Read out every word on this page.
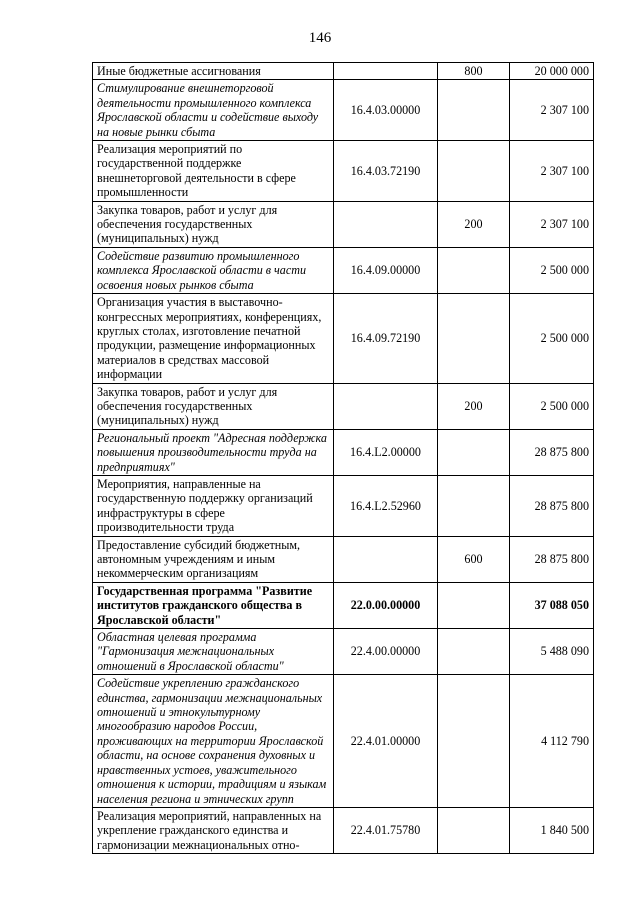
146
Иные бюджетные ассигнования		800	20 000 000
Стимулирование внешнеторговой деятельности промышленного комплекса Ярославской области и содействие выходу на новые рынки сбыта	16.4.03.00000		2 307 100
Реализация мероприятий по государственной поддержке внешнеторговой деятельности в сфере промышленности	16.4.03.72190		2 307 100
Закупка товаров, работ и услуг для обеспечения государственных (муниципальных) нужд		200	2 307 100
Содействие развитию промышленного комплекса Ярославской области в части освоения новых рынков сбыта	16.4.09.00000		2 500 000
Организация участия в выставочно-конгрессных мероприятиях, конференциях, круглых столах, изготовление печатной продукции, размещение информационных материалов в средствах массовой информации	16.4.09.72190		2 500 000
Закупка товаров, работ и услуг для обеспечения государственных (муниципальных) нужд		200	2 500 000
Региональный проект "Адресная поддержка повышения производительности труда на предприятиях"	16.4.L2.00000		28 875 800
Мероприятия, направленные на государственную поддержку организаций инфраструктуры в сфере производительности труда	16.4.L2.52960		28 875 800
Предоставление субсидий бюджетным, автономным учреждениям и иным некоммерческим организациям		600	28 875 800
Государственная программа "Развитие институтов гражданского общества в Ярославской области"	22.0.00.00000		37 088 050
Областная целевая программа "Гармонизация межнациональных отношений в Ярославской области"	22.4.00.00000		5 488 090
Содействие укреплению гражданского единства, гармонизации межнациональных отношений и этнокультурному многообразию народов России, проживающих на территории Ярославской области, на основе сохранения духовных и нравственных устоев, уважительного отношения к истории, традициям и языкам населения региона и этнических групп	22.4.01.00000		4 112 790
Реализация мероприятий, направленных на укрепление гражданского единства и гармонизации межнациональных отно-	22.4.01.75780		1 840 500
